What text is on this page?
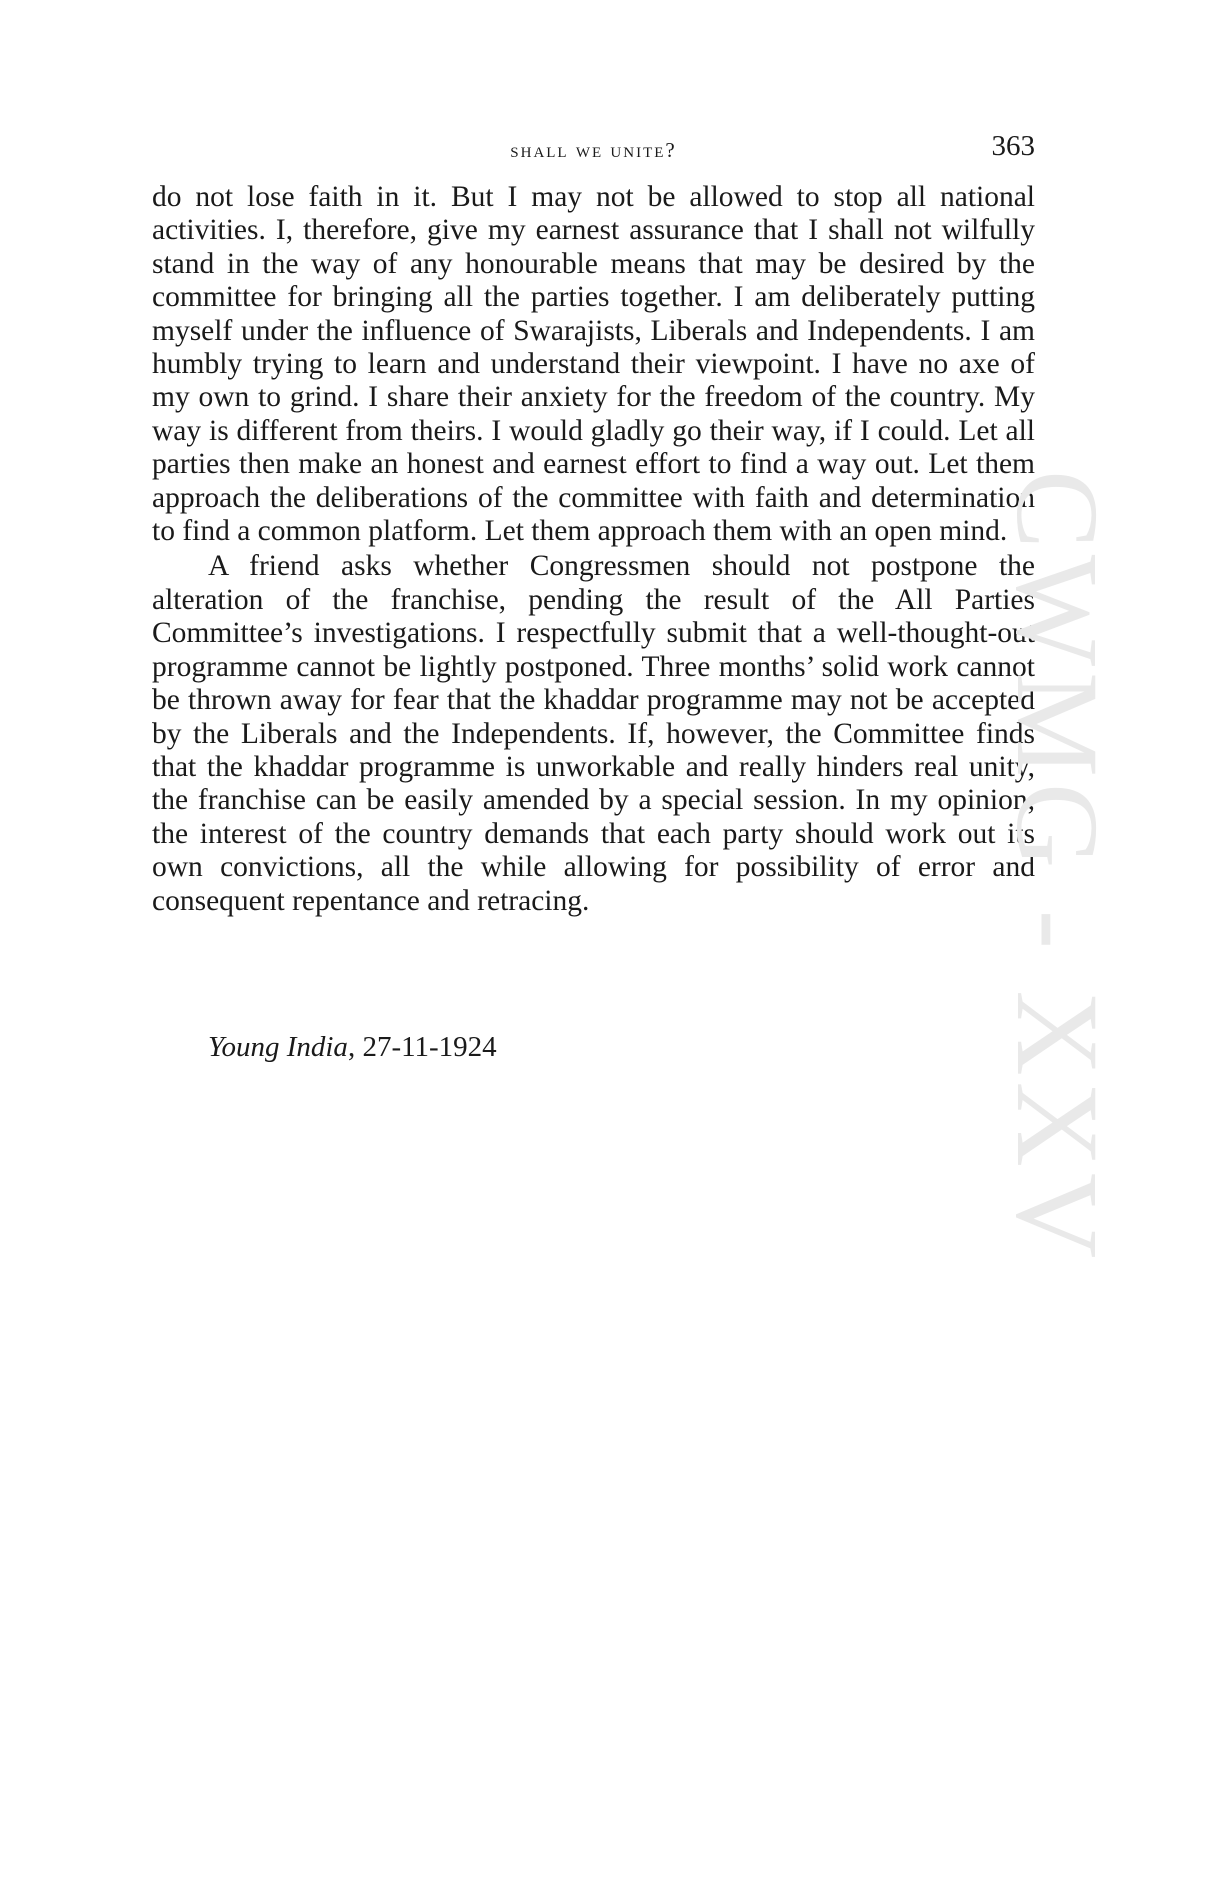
shall we unite?	363

do not lose faith in it. But I may not be allowed to stop all national activities. I, therefore, give my earnest assurance that I shall not wilfully stand in the way of any honourable means that may be desired by the committee for bringing all the parties together. I am deliberately putting myself under the influence of Swarajists, Liberals and Independents. I am humbly trying to learn and understand their viewpoint. I have no axe of my own to grind. I share their anxiety for the freedom of the country. My way is different from theirs. I would gladly go their way, if I could. Let all parties then make an honest and earnest effort to find a way out. Let them approach the deliberations of the committee with faith and determination to find a common platform. Let them approach them with an open mind.

A friend asks whether Congressmen should not postpone the alteration of the franchise, pending the result of the All Parties Committee’s investigations. I respectfully submit that a well-thought-out programme cannot be lightly postponed. Three months’ solid work cannot be thrown away for fear that the khaddar programme may not be accepted by the Liberals and the Independents. If, however, the Committee finds that the khaddar programme is unworkable and really hinders real unity, the franchise can be easily amended by a special session. In my opinion, the interest of the country demands that each party should work out its own convictions, all the while allowing for possibility of error and consequent repentance and retracing.

Young India, 27-11-1924	CWMG - XXV
